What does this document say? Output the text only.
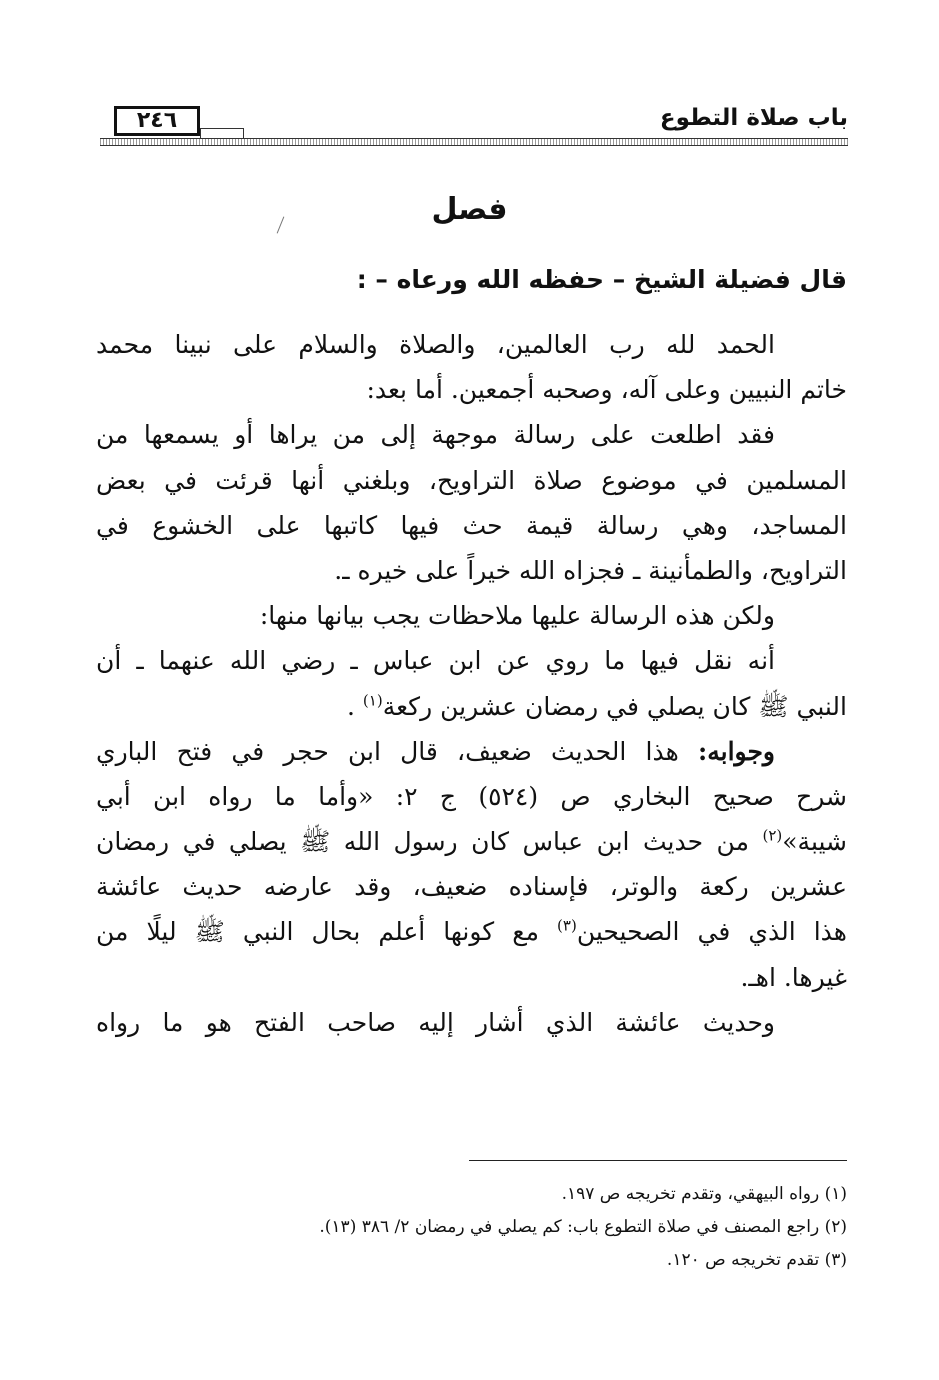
باب صلاة التطوع
٢٤٦
فصل
قال فضيلة الشيخ – حفظه الله ورعاه – :
الحمد لله رب العالمين، والصلاة والسلام على نبينا محمد
خاتم النبيين وعلى آله، وصحبه أجمعين. أما بعد:
فقد اطلعت على رسالة موجهة إلى من يراها أو يسمعها من
المسلمين في موضوع صلاة التراويح، وبلغني أنها قرئت في بعض
المساجد، وهي رسالة قيمة حث فيها كاتبها على الخشوع في
التراويح، والطمأنينة ـ فجزاه الله خيراً على خيره ـ.
ولكن هذه الرسالة عليها ملاحظات يجب بيانها منها:
أنه نقل فيها ما روي عن ابن عباس ـ رضي الله عنهما ـ أن
النبي ﷺ كان يصلي في رمضان عشرين ركعة$^{(١)}$ .
وجوابه: هذا الحديث ضعيف، قال ابن حجر في فتح الباري
شرح صحيح البخاري ص (٥٢٤) ج ٢: «وأما ما رواه ابن أبي
شيبة»$^{(٢)}$ من حديث ابن عباس كان رسول الله ﷺ يصلي في رمضان
عشرين ركعة والوتر، فإسناده ضعيف، وقد عارضه حديث عائشة
هذا الذي في الصحيحين$^{(٣)}$ مع كونها أعلم بحال النبي ﷺ ليلًا من
غيرها. اهـ.
وحديث عائشة الذي أشار إليه صاحب الفتح هو ما رواه
(١) رواه البيهقي، وتقدم تخريجه ص ١٩٧.
(٢) راجع المصنف في صلاة التطوع باب: كم يصلي في رمضان ٢/ ٣٨٦ (١٣).
(٣) تقدم تخريجه ص ١٢٠.
